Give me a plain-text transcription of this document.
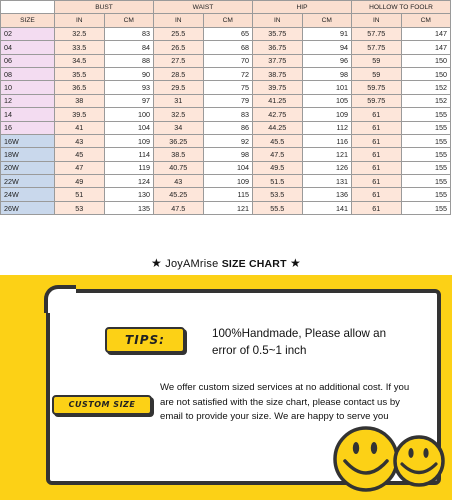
	BUST		WAIST		HIP		HOLLOW TO FOOLR	
SIZE	IN	CM	IN	CM	IN	CM	IN	CM
02	32.5	83	25.5	65	35.75	91	57.75	147
04	33.5	84	26.5	68	36.75	94	57.75	147
06	34.5	88	27.5	70	37.75	96	59	150
08	35.5	90	28.5	72	38.75	98	59	150
10	36.5	93	29.5	75	39.75	101	59.75	152
12	38	97	31	79	41.25	105	59.75	152
14	39.5	100	32.5	83	42.75	109	61	155
16	41	104	34	86	44.25	112	61	155
16W	43	109	36.25	92	45.5	116	61	155
18W	45	114	38.5	98	47.5	121	61	155
20W	47	119	40.75	104	49.5	126	61	155
22W	49	124	43	109	51.5	131	61	155
24W	51	130	45.25	115	53.5	136	61	155
26W	53	135	47.5	121	55.5	141	61	155
★ JoyAMrise SIZE CHART ★
TIPS:	100%Handmade, Please allow an error of 0.5~1 inch
CUSTOM SIZE
We offer custom sized services at no additional cost. If you are not satisfied with the size chart, please contact us by email to provide your size. We are happy to serve you
